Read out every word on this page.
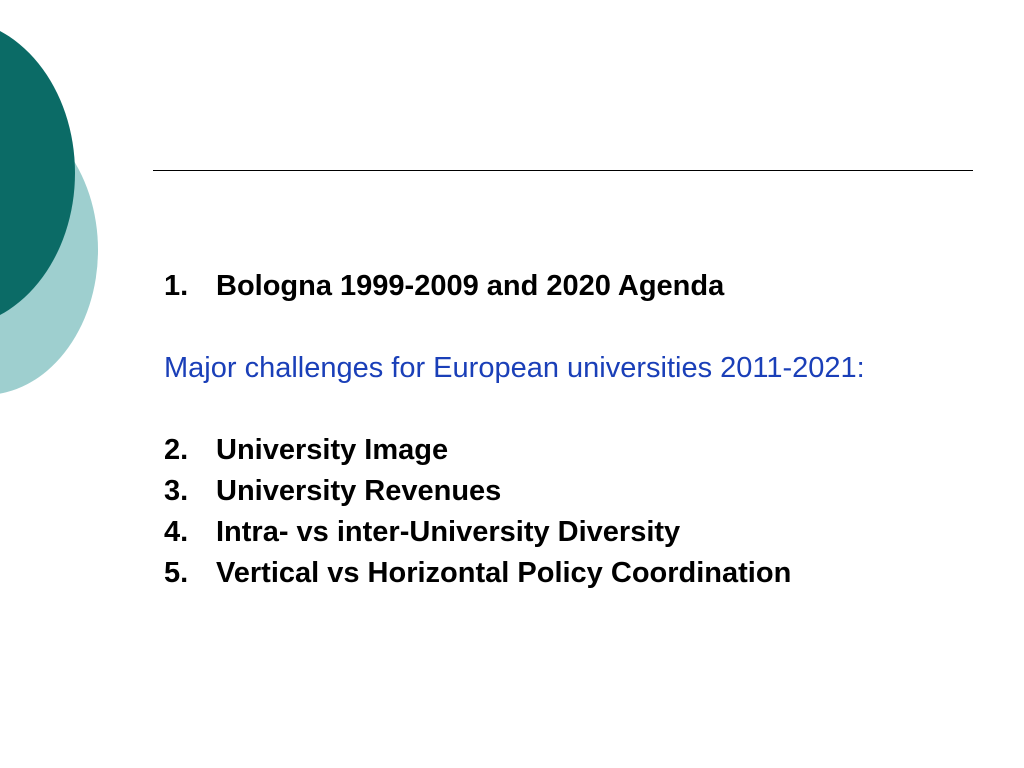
1. Bologna 1999-2009 and 2020 Agenda
Major challenges for European universities 2011-2021:
2. University Image
3. University Revenues
4. Intra- vs inter-University Diversity
5. Vertical vs Horizontal Policy Coordination
